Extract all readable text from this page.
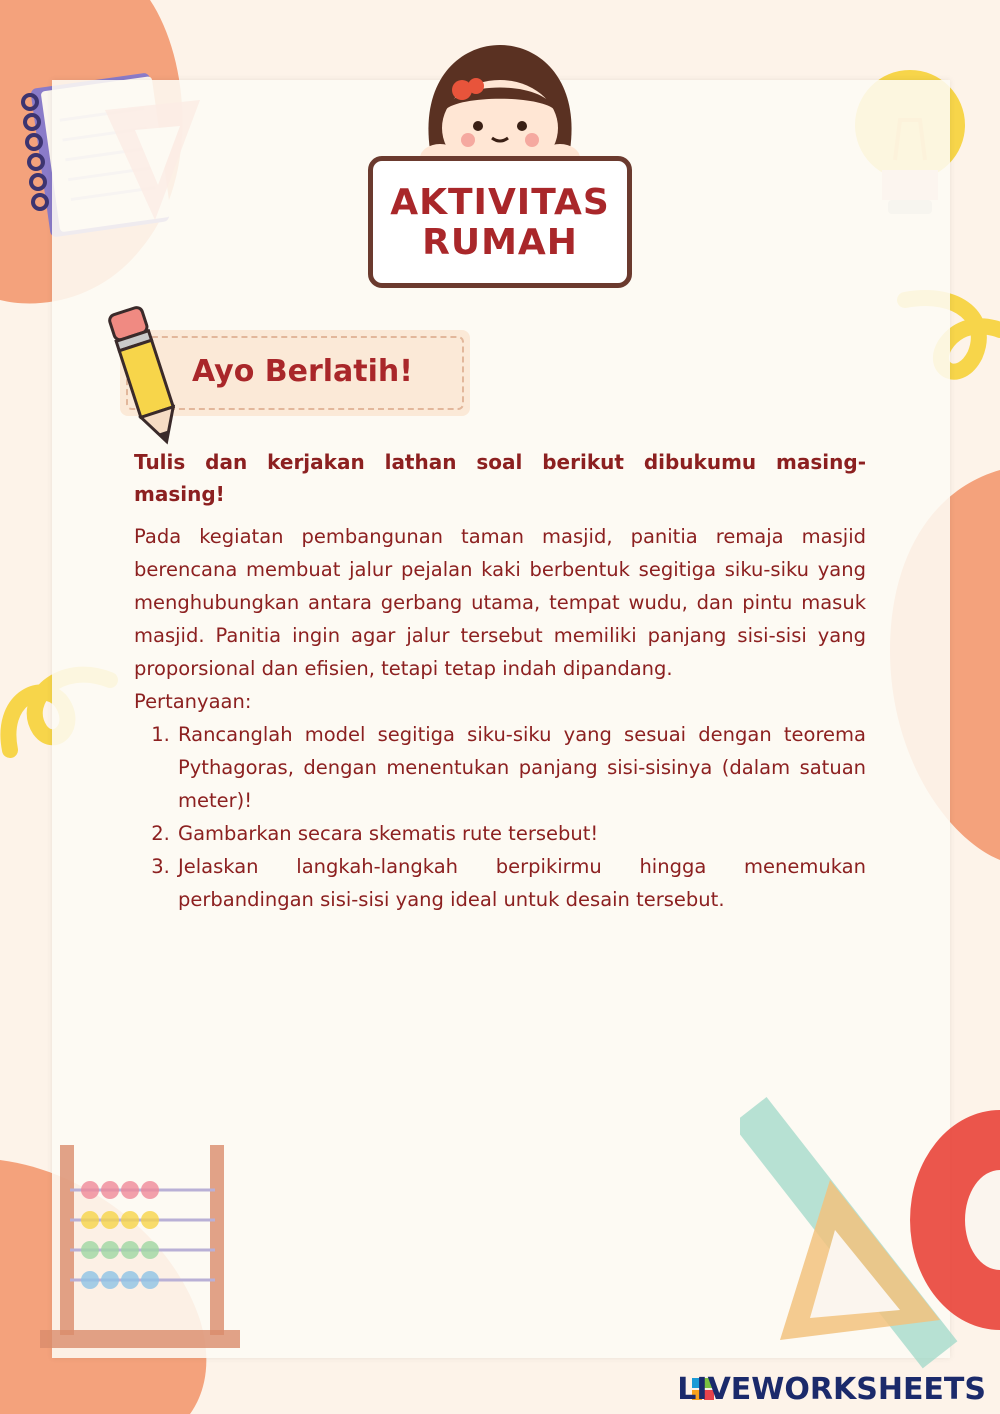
AKTIVITAS
RUMAH
Ayo Berlatih!

Tulis dan kerjakan lathan soal berikut dibukumu masing-masing!

Pada kegiatan pembangunan taman masjid, panitia remaja masjid berencana membuat jalur pejalan kaki berbentuk segitiga siku-siku yang menghubungkan antara gerbang utama, tempat wudu, dan pintu masuk masjid. Panitia ingin agar jalur tersebut memiliki panjang sisi-sisi yang proporsional dan efisien, tetapi tetap indah dipandang.

Pertanyaan:

1. Rancanglah model segitiga siku-siku yang sesuai dengan teorema Pythagoras, dengan menentukan panjang sisi-sisinya (dalam satuan meter)!
2. Gambarkan secara skematis rute tersebut!
3. Jelaskan langkah-langkah berpikirmu hingga menemukan perbandingan sisi-sisi yang ideal untuk desain tersebut.
LIVEWORKSHEETS
